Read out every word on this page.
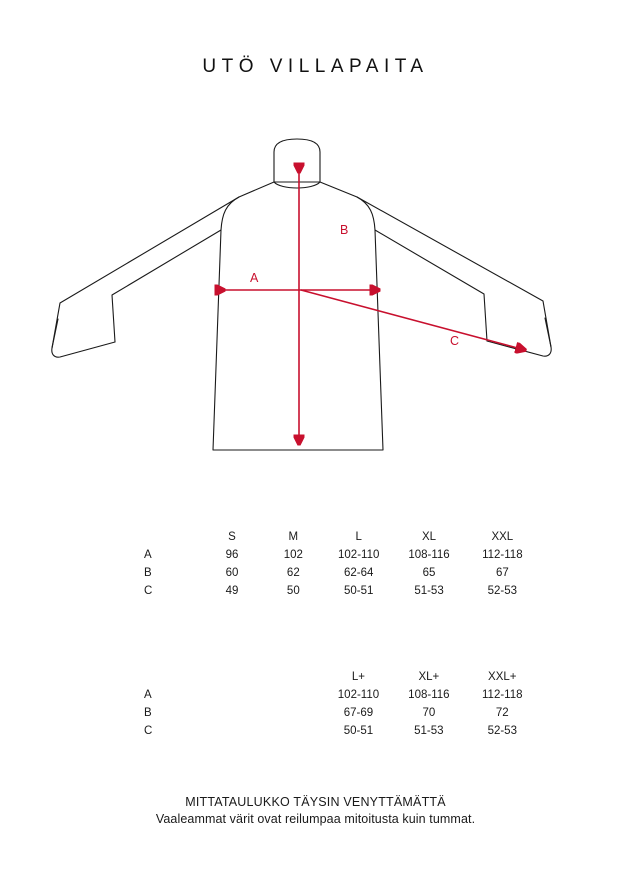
UTÖ VILLAPAITA
A
B
C
	S	M	L	XL	XXL
A	96	102	102-110	108-116	112-118
B	60	62	62-64	65	67
C	49	50	50-51	51-53	52-53
			L+	XL+	XXL+
A			102-110	108-116	112-118
B			67-69	70	72
C			50-51	51-53	52-53
MITTATAULUKKO TÄYSIN VENYTTÄMÄTTÄ
Vaaleammat värit ovat reilumpaa mitoitusta kuin tummat.
